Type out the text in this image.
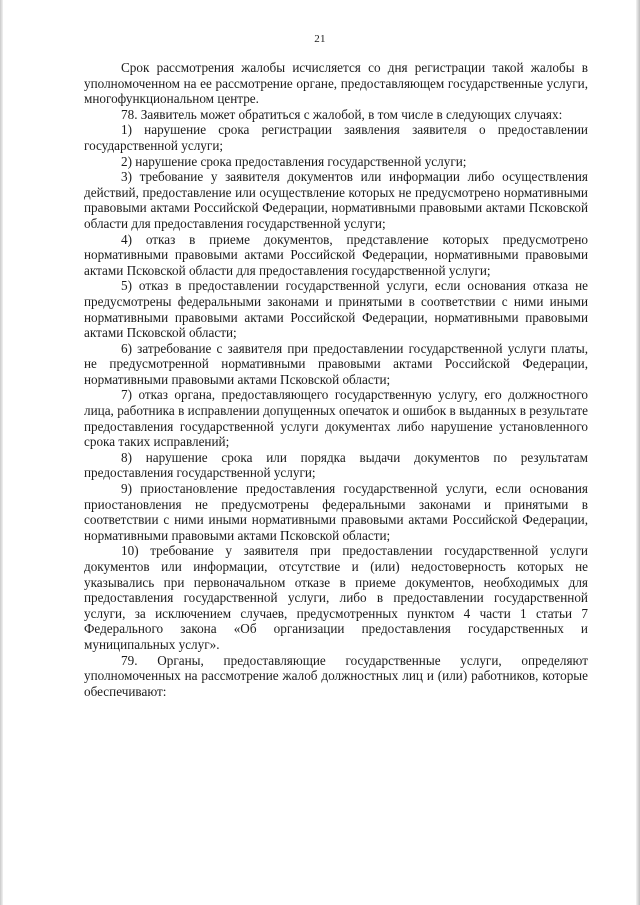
21

Срок рассмотрения жалобы исчисляется со дня регистрации такой жалобы в уполномоченном на ее рассмотрение органе, предоставляющем государственные услуги, многофункциональном центре.

78. Заявитель может обратиться с жалобой, в том числе в следующих случаях:

1) нарушение срока регистрации заявления заявителя о предоставлении государственной услуги;

2) нарушение срока предоставления государственной услуги;

3) требование у заявителя документов или информации либо осуществления действий, предоставление или осуществление которых не предусмотрено нормативными правовыми актами Российской Федерации, нормативными правовыми актами Псковской области для предоставления государственной услуги;

4) отказ в приеме документов, представление которых предусмотрено нормативными правовыми актами Российской Федерации, нормативными правовыми актами Псковской области для предоставления государственной услуги;

5) отказ в предоставлении государственной услуги, если основания отказа не предусмотрены федеральными законами и принятыми в соответствии с ними иными нормативными правовыми актами Российской Федерации, нормативными правовыми актами Псковской области;

6) затребование с заявителя при предоставлении государственной услуги платы, не предусмотренной нормативными правовыми актами Российской Федерации, нормативными правовыми актами Псковской области;

7) отказ органа, предоставляющего государственную услугу, его должностного лица, работника в исправлении допущенных опечаток и ошибок в выданных в результате предоставления государственной услуги документах либо нарушение установленного срока таких исправлений;

8) нарушение срока или порядка выдачи документов по результатам предоставления государственной услуги;

9) приостановление предоставления государственной услуги, если основания приостановления не предусмотрены федеральными законами и принятыми в соответствии с ними иными нормативными правовыми актами Российской Федерации, нормативными правовыми актами Псковской области;

10) требование у заявителя при предоставлении государственной услуги документов или информации, отсутствие и (или) недостоверность которых не указывались при первоначальном отказе в приеме документов, необходимых для предоставления государственной услуги, либо в предоставлении государственной услуги, за исключением случаев, предусмотренных пунктом 4 части 1 статьи 7 Федерального закона «Об организации предоставления государственных и муниципальных услуг».

79. Органы, предоставляющие государственные услуги, определяют уполномоченных на рассмотрение жалоб должностных лиц и (или) работников, которые обеспечивают:
